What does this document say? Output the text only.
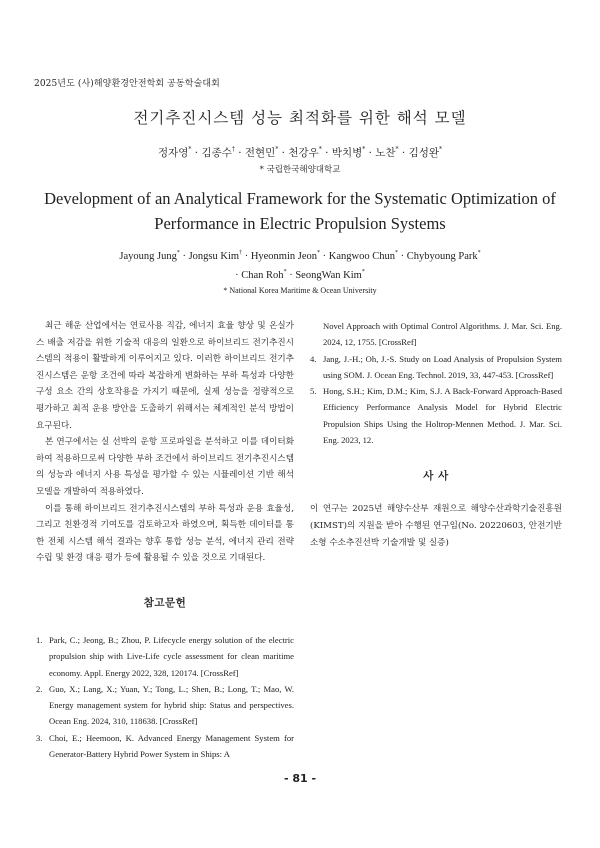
2025년도 (사)해양환경안전학회 공동학술대회
전기추진시스템 성능 최적화를 위한 해석 모델
정자영* · 김종수† · 전현민* · 천강우* · 박치병* · 노찬* · 김성완*
* 국립한국해양대학교
Development of an Analytical Framework for the Systematic Optimization of Performance in Electric Propulsion Systems
Jayoung Jung* · Jongsu Kim† · Hyeonmin Jeon* · Kangwoo Chun* · Chybyoung Park*
· Chan Roh* · SeongWan Kim*
* National Korea Maritime & Ocean University

최근 해운 산업에서는 연료사용 직감, 에너지 효율 향상 및 온실가스 배출 저감을 위한 기술적 대응의 일환으로 하이브리드 전기추진시스템의 적용이 활발하게 이루어지고 있다. 이러한 하이브리드 전기추진시스템은 운항 조건에 따라 복잡하게 변화하는 부하 특성과 다양한 구성 요소 간의 상호작용을 가지기 때문에, 실제 성능을 정량적으로 평가하고 최적 운용 방안을 도출하기 위해서는 체계적인 분석 방법이 요구된다.

본 연구에서는 실 선박의 운항 프로파일을 분석하고 이를 데이터화 하여 적용하므로써 다양한 부하 조건에서 하이브리드 전기추진시스템의 성능과 에너지 사용 특성을 평가할 수 있는 시뮬레이션 기반 해석 모델을 개발하여 적용하였다.

이를 통해 하이브리드 전기추진시스템의 부하 특성과 운용 효율성, 그리고 친환경적 기여도를 검토하고자 하였으며, 획득한 데이터를 통한 전체 시스템 해석 결과는 향후 통합 성능 분석, 에너지 관리 전략 수립 및 환경 대응 평가 등에 활용될 수 있을 것으로 기대된다.

참고문헌
1. Park, C.; Jeong, B.; Zhou, P. Lifecycle energy solution of the electric propulsion ship with Live-Life cycle assessment for clean maritime economy. Appl. Energy 2022, 328, 120174. [CrossRef]
2. Guo, X.; Lang, X.; Yuan, Y.; Tong, L.; Shen, B.; Long, T.; Mao, W. Energy management system for hybrid ship: Status and perspectives. Ocean Eng. 2024, 310, 118638. [CrossRef]
3. Choi, E.; Heemoon, K. Advanced Energy Management System for Generator‑Battery Hybrid Power System in Ships: A
Novel Approach with Optimal Control Algorithms. J. Mar. Sci. Eng. 2024, 12, 1755. [CrossRef]
4. Jang, J.-H.; Oh, J.-S. Study on Load Analysis of Propulsion System using SOM. J. Ocean Eng. Technol. 2019, 33, 447‑453. [CrossRef]
5. Hong, S.H.; Kim, D.M.; Kim, S.J. A Back‑Forward Approach-Based Efficiency Performance Analysis Model for Hybrid Electric Propulsion Ships Using the Holtrop‑Mennen Method. J. Mar. Sci. Eng. 2023, 12.
사 사

이 연구는 2025년 해양수산부 재원으로 해양수산과학기술진흥원(KIMST)의 지원을 받아 수행된 연구임(No. 20220603, 안전기반 소형 수소추진선박 기술개발 및 실증)

- 81 -
